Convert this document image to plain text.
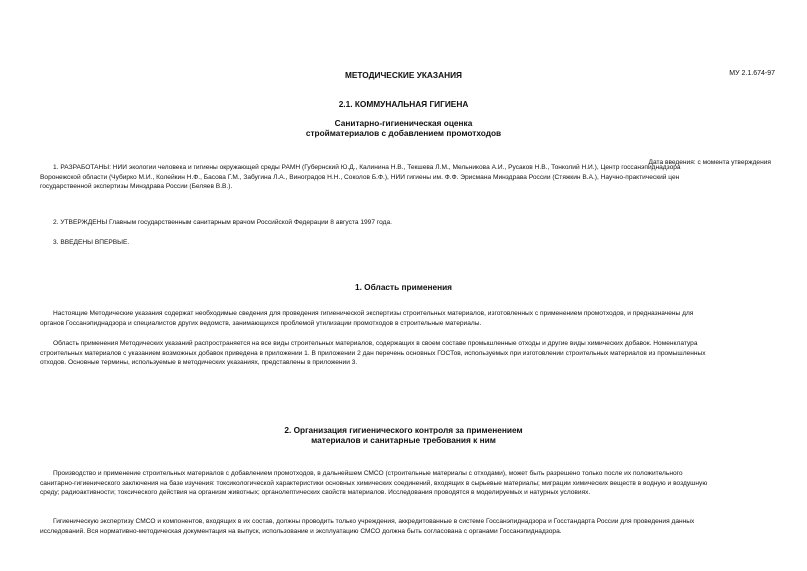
МУ 2.1.674-97
МЕТОДИЧЕСКИЕ УКАЗАНИЯ
2.1. КОММУНАЛЬНАЯ ГИГИЕНА
Санитарно-гигиеническая оценка
стройматериалов с добавлением промотходов
Дата введения: с момента утверждения
1. РАЗРАБОТАНЫ: НИИ экологии человека и гигиены окружающей среды РАМН (Губернский Ю.Д., Калинина Н.В., Текшева Л.М., Мельникова А.И., Русаков Н.В., Тонколий Н.И.), Центр госсанэпиднадзора
Воронежской области (Чубирко М.И., Колейкин Н.Ф., Басова Г.М., Забугина Л.А., Виноградов Н.Н., Соколов Б.Ф.), НИИ гигиены им. Ф.Ф. Эрисмана Минздрава России (Стяжкин В.А.), Научно-практический цен
государственной экспертизы Минздрава России (Беляев В.В.).
2. УТВЕРЖДЕНЫ Главным государственным санитарным врачом Российской Федерации 8 августа 1997 года.
3. ВВЕДЕНЫ ВПЕРВЫЕ.
1. Область применения
Настоящие Методические указания содержат необходимые сведения для проведения гигиенической экспертизы строительных материалов, изготовленных с применением промотходов, и предназначены для
органов Госсанэпиднадзора и специалистов других ведомств, занимающихся проблемой утилизации промотходов в строительные материалы.
Область применения Методических указаний распространяется на все виды строительных материалов, содержащих в своем составе промышленные отходы и другие виды химических добавок. Номенклатура
строительных материалов с указанием возможных добавок приведена в приложении 1. В приложении 2 дан перечень основных ГОСТов, используемых при изготовлении строительных материалов из промышленных
отходов. Основные термины, используемые в методических указаниях, представлены в приложении 3.
2. Организация гигиенического контроля за применением
материалов и санитарные требования к ним
Производство и применение строительных материалов с добавлением промотходов, в дальнейшем СМСО (строительные материалы с отходами), может быть разрешено только после их положительного
санитарно-гигиенического заключения на базе изучения: токсикологической характеристики основных химических соединений, входящих в сырьевые материалы; миграции химических веществ в водную и воздушную
среду; радиоактивности; токсического действия на организм животных; органолептических свойств материалов. Исследования проводятся в моделируемых и натурных условиях.
Гигиеническую экспертизу СМСО и компонентов, входящих в их состав, должны проводить только учреждения, аккредитованные в системе Госсанэпиднадзора и Госстандарта России для проведения данных
исследований. Вся нормативно-методическая документация на выпуск, использование и эксплуатацию СМСО должна быть согласована с органами Госсанэпиднадзора.
